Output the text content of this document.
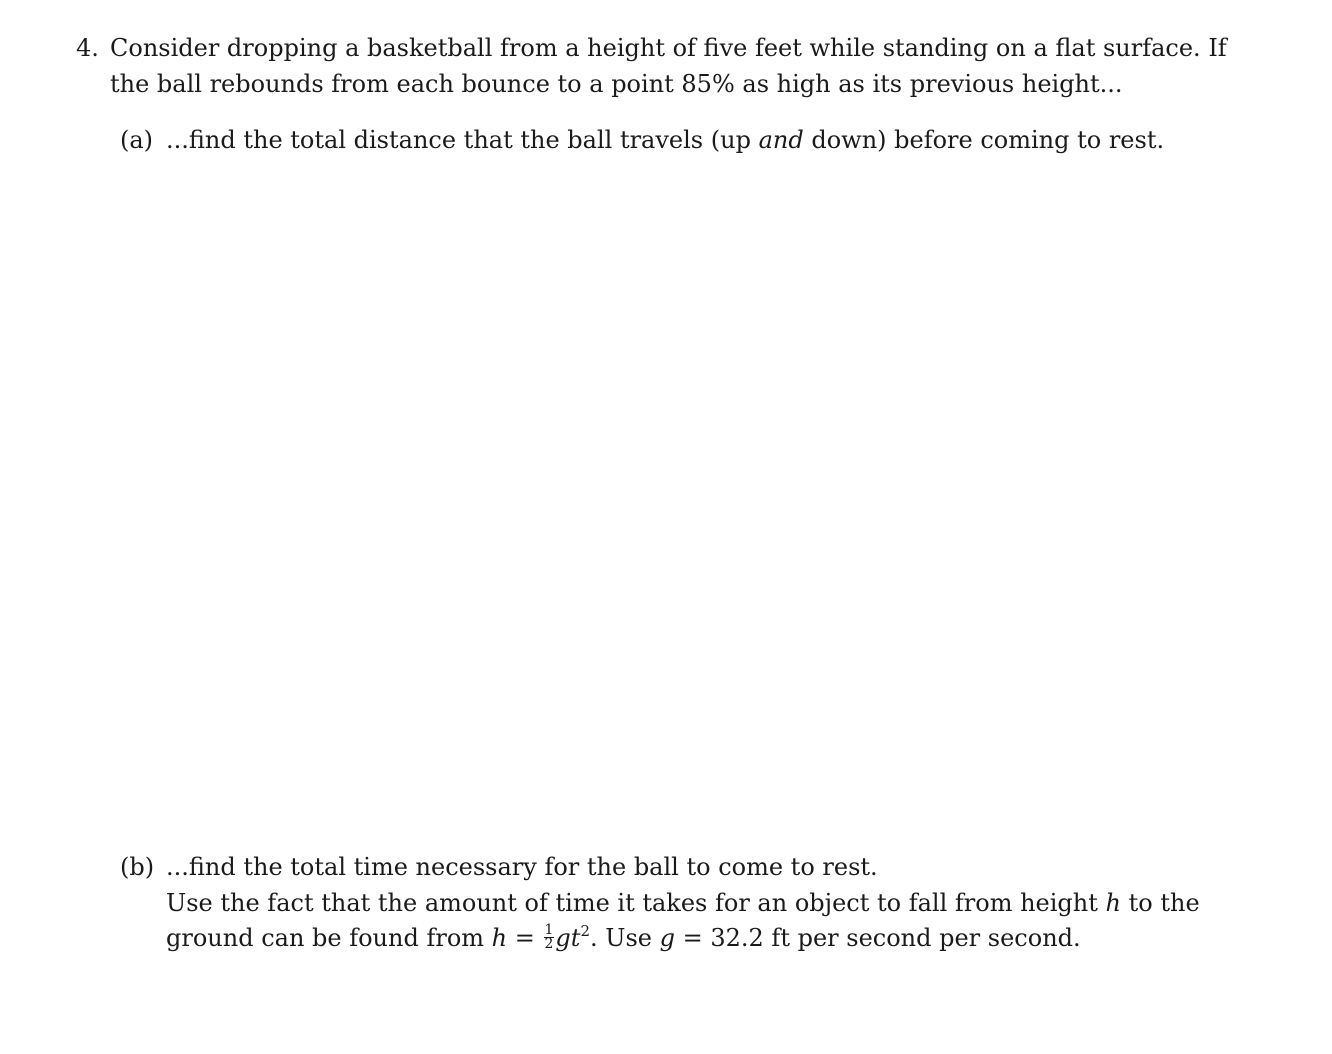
4. Consider dropping a basketball from a height of five feet while standing on a flat surface. If
the ball rebounds from each bounce to a point 85% as high as its previous height...
(a) ...find the total distance that the ball travels (up and down) before coming to rest.
(b) ...find the total time necessary for the ball to come to rest.
Use the fact that the amount of time it takes for an object to fall from height h to the
ground can be found from $h = \frac{1}{2} gt^2$. Use g = 32.2 ft per second per second.
